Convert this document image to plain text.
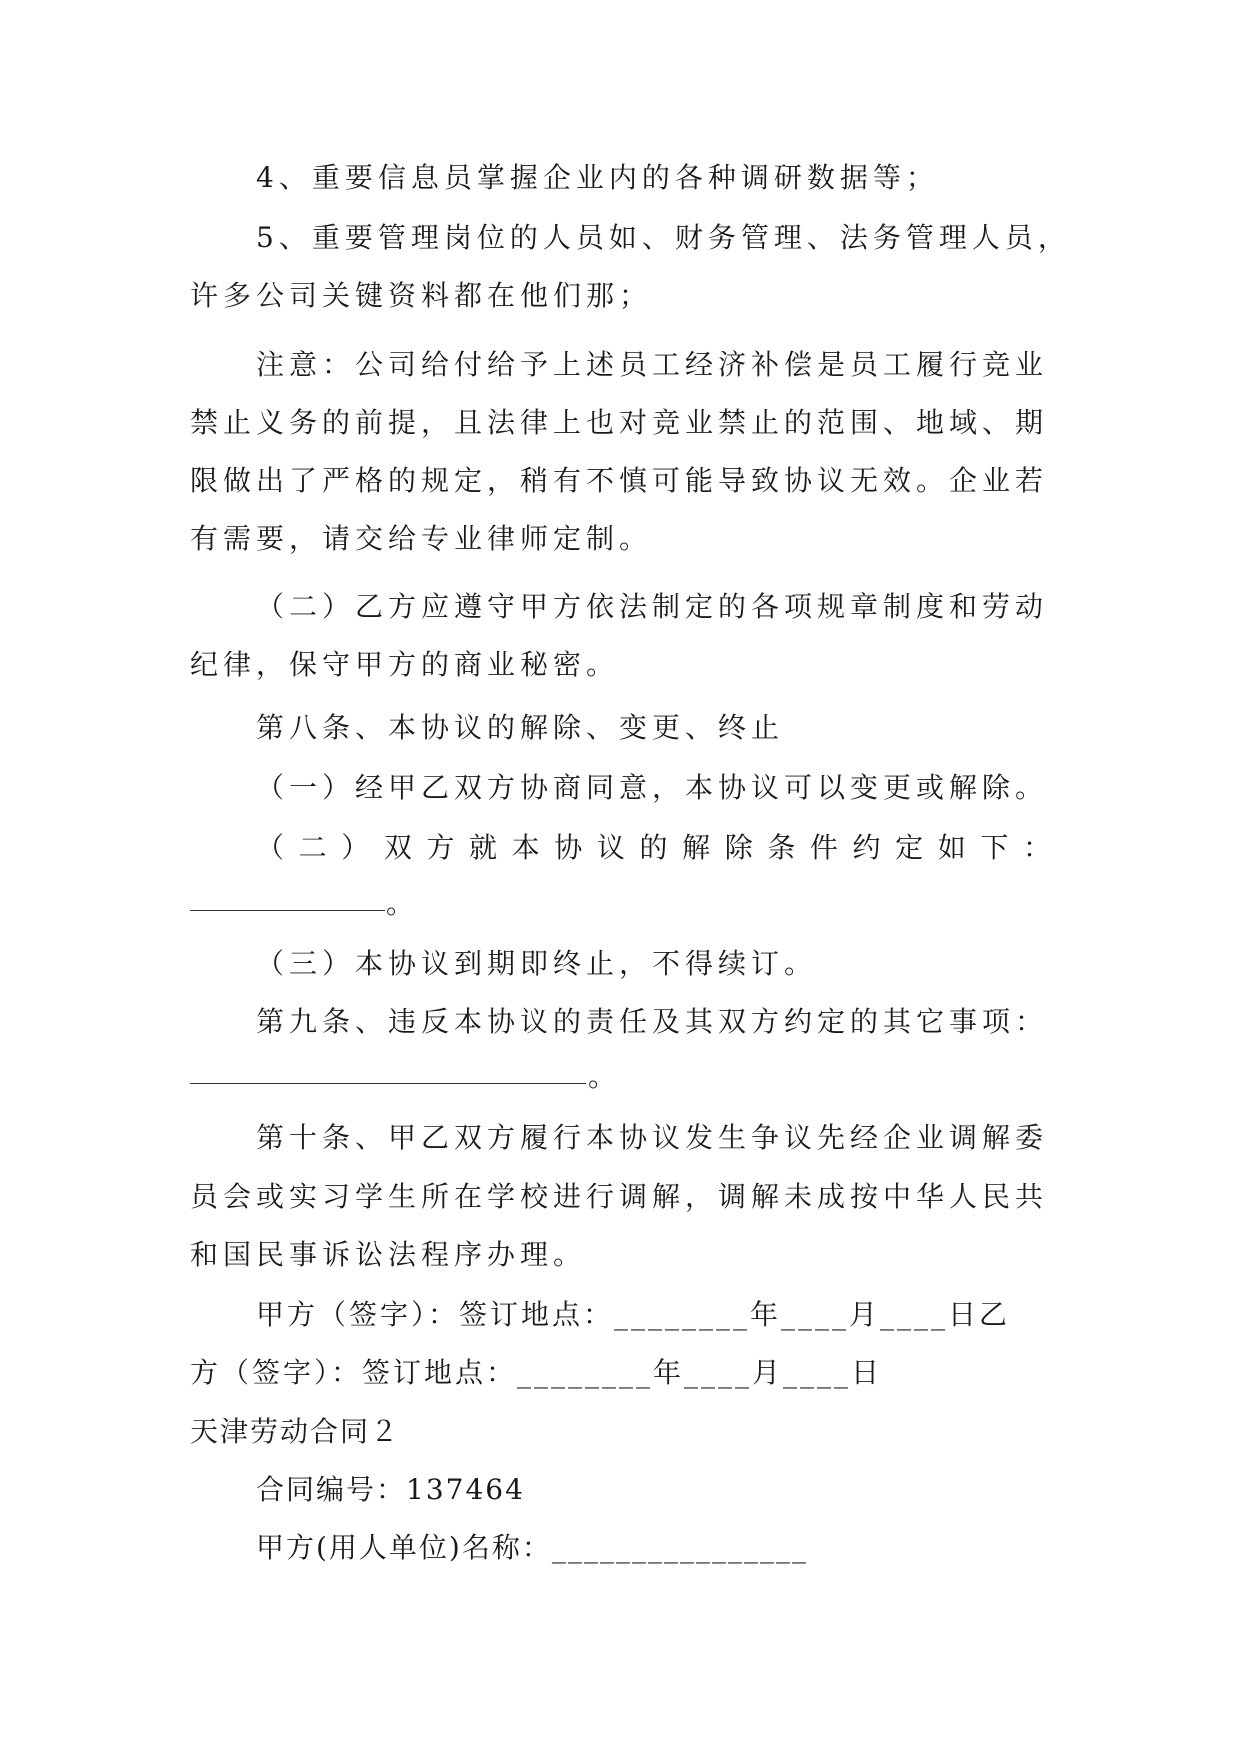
4、重要信息员掌握企业内的各种调研数据等；
5、重要管理岗位的人员如、财务管理、法务管理人员，
许多公司关键资料都在他们那；
注意：公司给付给予上述员工经济补偿是员工履行竞业
禁止义务的前提，且法律上也对竞业禁止的范围、地域、期
限做出了严格的规定，稍有不慎可能导致协议无效。企业若
有需要，请交给专业律师定制。
（二）乙方应遵守甲方依法制定的各项规章制度和劳动
纪律，保守甲方的商业秘密。
第八条、本协议的解除、变更、终止
（一）经甲乙双方协商同意，本协议可以变更或解除。
（二）双方就本协议的解除条件约定如下：
。
（三）本协议到期即终止，不得续订。
第九条、违反本协议的责任及其双方约定的其它事项：
。
第十条、甲乙双方履行本协议发生争议先经企业调解委
员会或实习学生所在学校进行调解，调解未成按中华人民共
和国民事诉讼法程序办理。
甲方（签字）：签订地点：________年____月____日乙
方（签字）：签订地点：________年____月____日
天津劳动合同２
合同编号：137464
甲方(用人单位)名称：________________
